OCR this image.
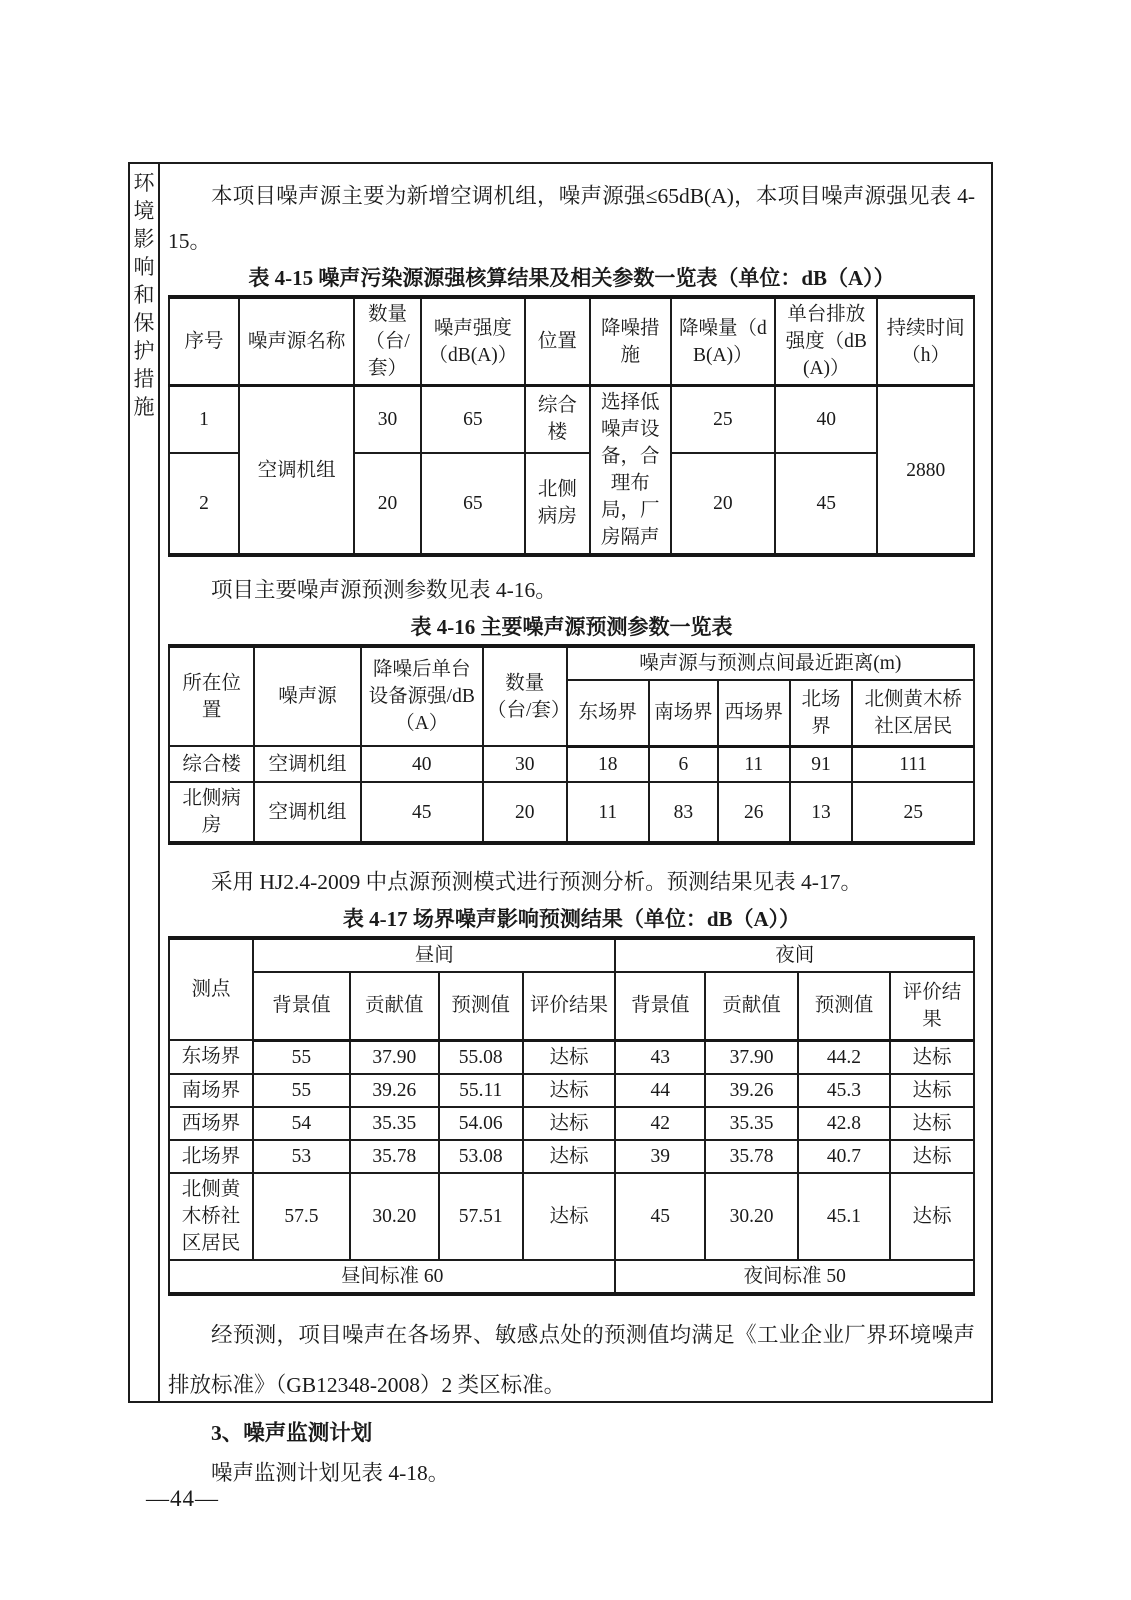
环境影响和保护措施

本项目噪声源主要为新增空调机组，噪声源强≤65dB(A)，本项目噪声源强见表 4-15。

表 4-15 噪声污染源源强核算结果及相关参数一览表（单位：dB（A））
序号	噪声源名称	数量（台/套）	噪声强度（dB(A)）	位置	降噪措施	降噪量（dB(A)）	单台排放强度（dB(A)）	持续时间（h）
1	空调机组	30	65	综合楼	选择低噪声设备，合理布局，厂房隔声	25	40	2880
2		20	65	北侧病房		20	45	

项目主要噪声源预测参数见表 4-16。

表 4-16 主要噪声源预测参数一览表
所在位置	噪声源	降噪后单台设备源强/dB（A）	数量（台/套）	噪声源与预测点间最近距离(m)				
				东场界	南场界	西场界	北场界	北侧黄木桥社区居民
综合楼	空调机组	40	30	18	6	11	91	111
北侧病房	空调机组	45	20	11	83	26	13	25

采用 HJ2.4-2009 中点源预测模式进行预测分析。预测结果见表 4-17。

表 4-17 场界噪声影响预测结果（单位：dB（A））
测点	昼间				夜间			
	背景值	贡献值	预测值	评价结果	背景值	贡献值	预测值	评价结果
东场界	55	37.90	55.08	达标	43	37.90	44.2	达标
南场界	55	39.26	55.11	达标	44	39.26	45.3	达标
西场界	54	35.35	54.06	达标	42	35.35	42.8	达标
北场界	53	35.78	53.08	达标	39	35.78	40.7	达标
北侧黄木桥社区居民	57.5	30.20	57.51	达标	45	30.20	45.1	达标
昼间标准 60					夜间标准 50			

经预测，项目噪声在各场界、敏感点处的预测值均满足《工业企业厂界环境噪声排放标准》（GB12348-2008）2 类区标准。

3、噪声监测计划

噪声监测计划见表 4-18。

—44—
